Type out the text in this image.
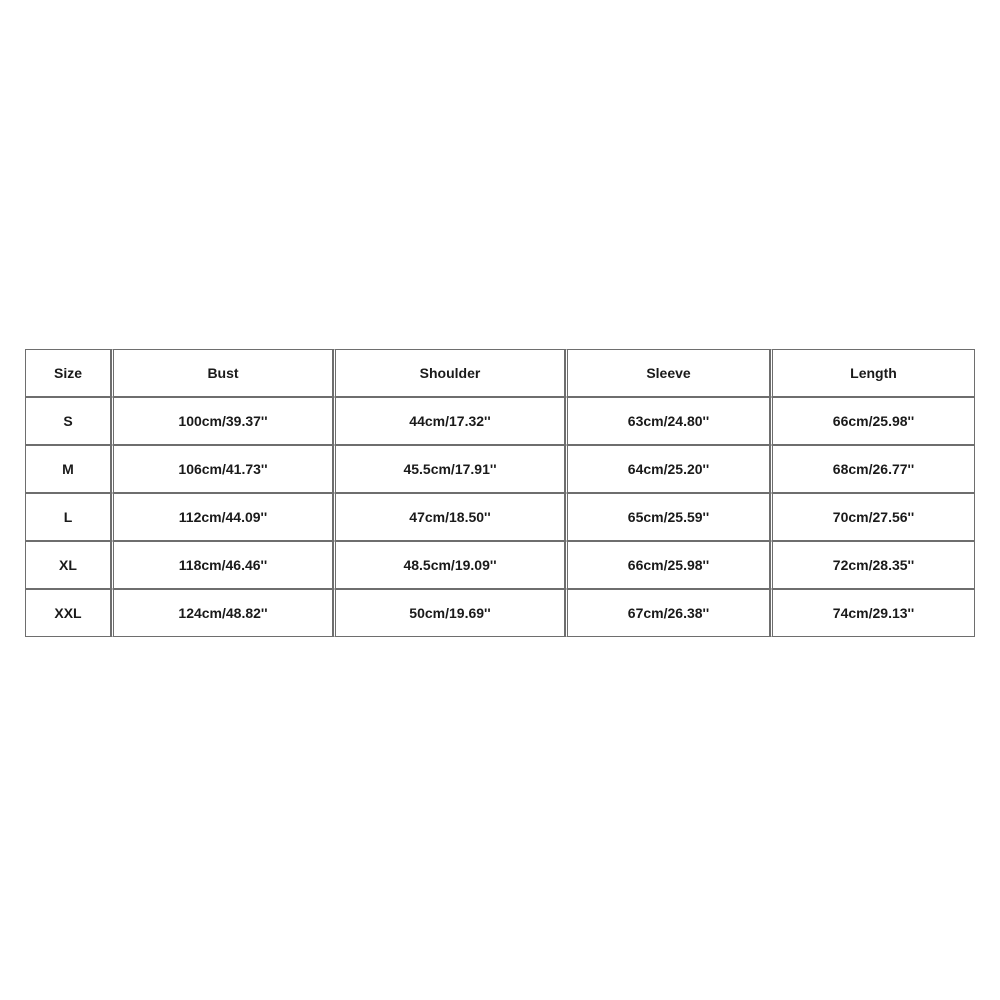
Size	Bust	Shoulder	Sleeve	Length
S	100cm/39.37''	44cm/17.32''	63cm/24.80''	66cm/25.98''
M	106cm/41.73''	45.5cm/17.91''	64cm/25.20''	68cm/26.77''
L	112cm/44.09''	47cm/18.50''	65cm/25.59''	70cm/27.56''
XL	118cm/46.46''	48.5cm/19.09''	66cm/25.98''	72cm/28.35''
XXL	124cm/48.82''	50cm/19.69''	67cm/26.38''	74cm/29.13''
